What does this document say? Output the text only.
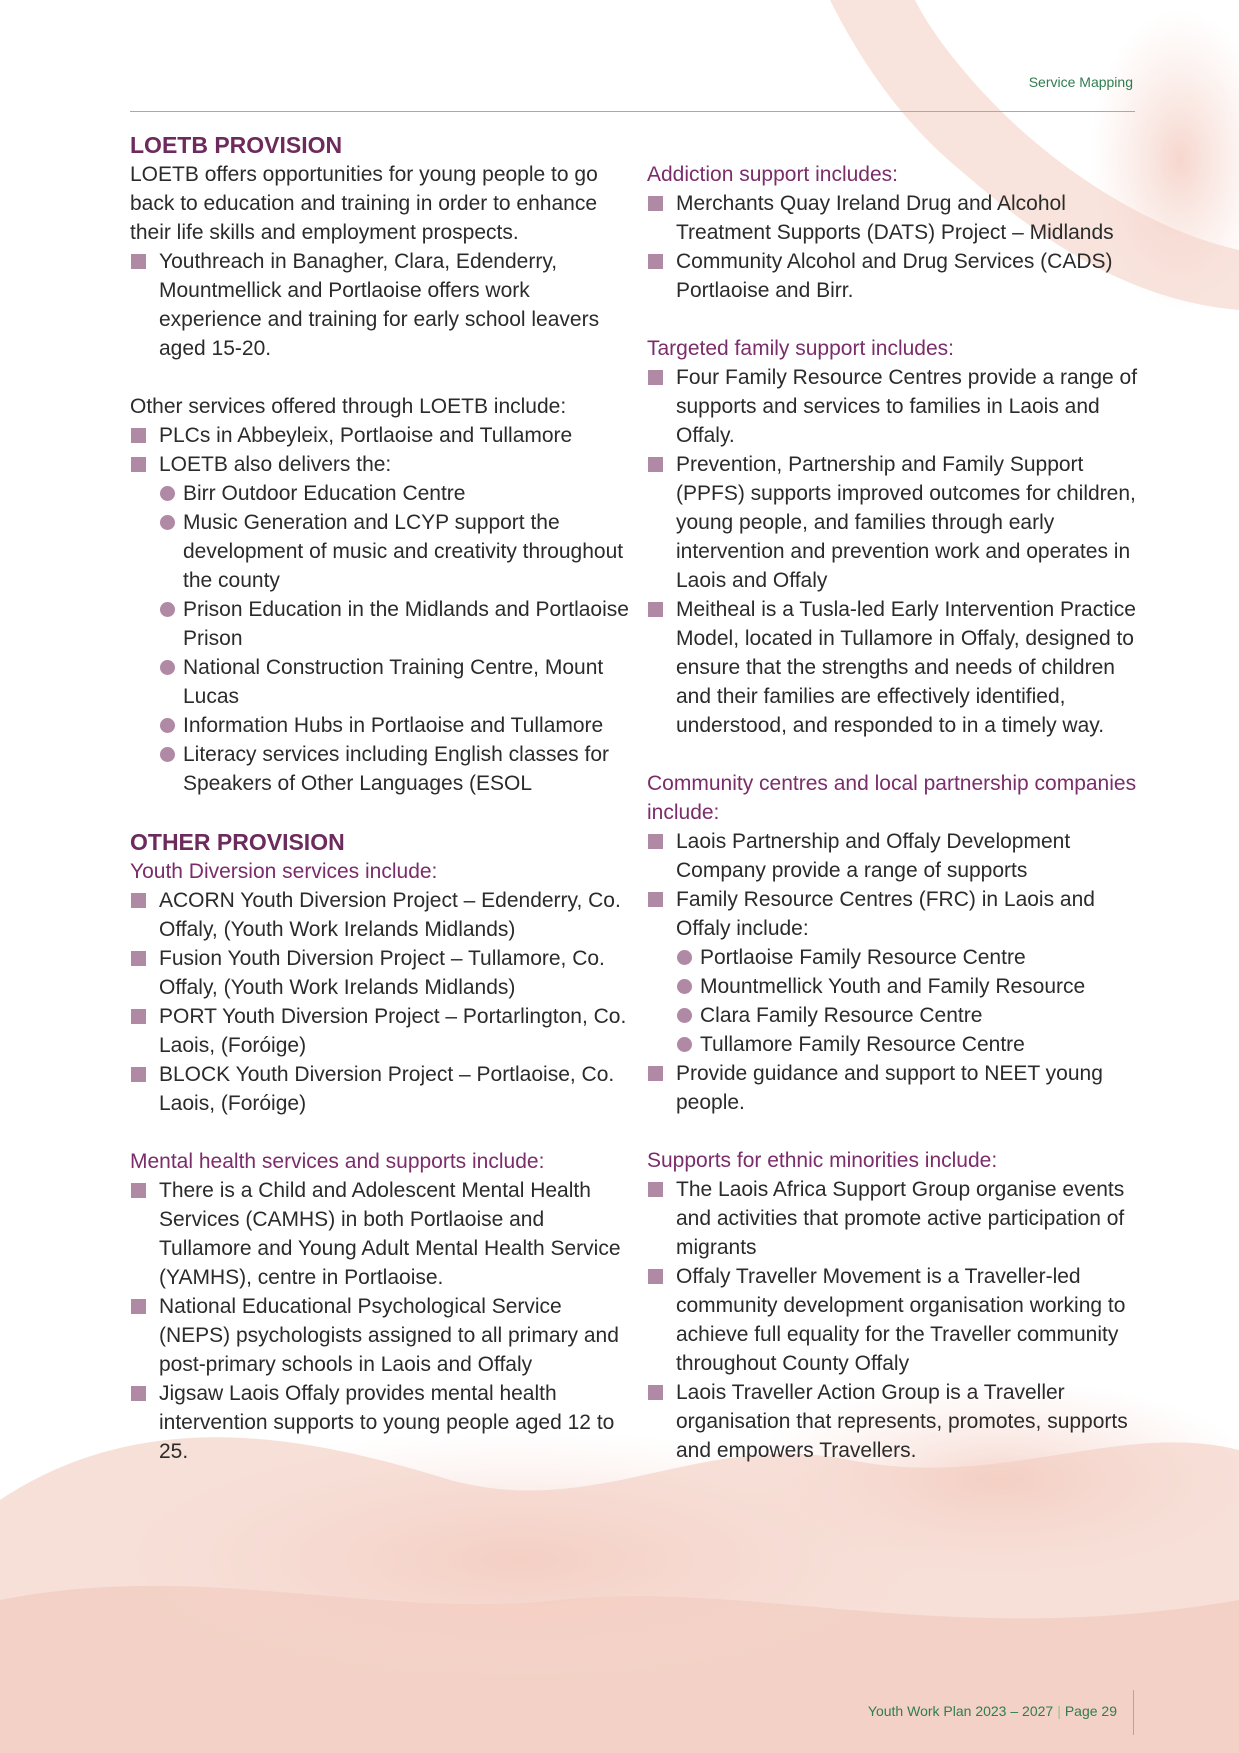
Service Mapping
LOETB PROVISION

LOETB offers opportunities for young people to go back to education and training in order to enhance their life skills and employment prospects.

Youthreach in Banagher, Clara, Edenderry, Mountmellick and Portlaoise offers work experience and training for early school leavers aged 15-20.

Other services offered through LOETB include:

PLCs in Abbeyleix, Portlaoise and Tullamore
LOETB also delivers the:
Birr Outdoor Education Centre
Music Generation and LCYP support the development of music and creativity throughout the county
Prison Education in the Midlands and Portlaoise Prison
National Construction Training Centre, Mount Lucas
Information Hubs in Portlaoise and Tullamore
Literacy services including English classes for Speakers of Other Languages (ESOL
OTHER PROVISION
Youth Diversion services include:
ACORN Youth Diversion Project – Edenderry, Co. Offaly, (Youth Work Irelands Midlands)
Fusion Youth Diversion Project – Tullamore, Co. Offaly, (Youth Work Irelands Midlands)
PORT Youth Diversion Project – Portarlington, Co. Laois, (Foróige)
BLOCK Youth Diversion Project – Portlaoise, Co. Laois, (Foróige)
Mental health services and supports include:
There is a Child and Adolescent Mental Health Services (CAMHS) in both Portlaoise and Tullamore and Young Adult Mental Health Service (YAMHS), centre in Portlaoise.
National Educational Psychological Service (NEPS) psychologists assigned to all primary and post-primary schools in Laois and Offaly
Jigsaw Laois Offaly provides mental health intervention supports to young people aged 12 to 25.
Addiction support includes:
Merchants Quay Ireland Drug and Alcohol Treatment Supports (DATS) Project – Midlands
Community Alcohol and Drug Services (CADS) Portlaoise and Birr.
Targeted family support includes:
Four Family Resource Centres provide a range of supports and services to families in Laois and Offaly.
Prevention, Partnership and Family Support (PPFS) supports improved outcomes for children, young people, and families through early intervention and prevention work and operates in Laois and Offaly
Meitheal is a Tusla-led Early Intervention Practice Model, located in Tullamore in Offaly, designed to ensure that the strengths and needs of children and their families are effectively identified, understood, and responded to in a timely way.
Community centres and local partnership companies include:
Laois Partnership and Offaly Development Company provide a range of supports
Family Resource Centres (FRC) in Laois and Offaly include:
Portlaoise Family Resource Centre
Mountmellick Youth and Family Resource
Clara Family Resource Centre
Tullamore Family Resource Centre
Provide guidance and support to NEET young people.
Supports for ethnic minorities include:
The Laois Africa Support Group organise events and activities that promote active participation of migrants
Offaly Traveller Movement is a Traveller-led community development organisation working to achieve full equality for the Traveller community throughout County Offaly
Laois Traveller Action Group is a Traveller organisation that represents, promotes, supports and empowers Travellers.
Youth Work Plan 2023 – 2027 | Page 29
